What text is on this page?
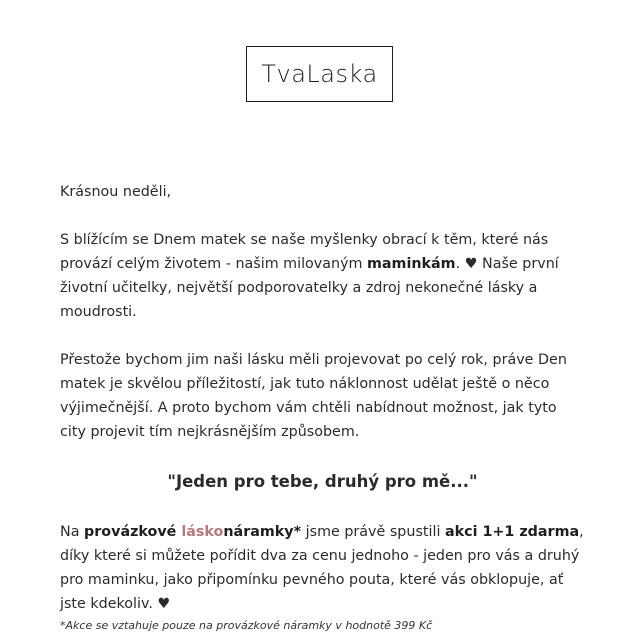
TvaLaska

Krásnou neděli,

S blížícím se Dnem matek se naše myšlenky obrací k těm, které nás provází celým životem - našim milovaným maminkám. ♥ Naše první životní učitelky, největší podporovatelky a zdroj nekonečné lásky a moudrosti.

Přestože bychom jim naši lásku měli projevovat po celý rok, práve Den matek je skvělou příležitostí, jak tuto náklonnost udělat ještě o něco výjimečnější. A proto bychom vám chtěli nabídnout možnost, jak tyto city projevit tím nejkrásnějším způsobem.

"Jeden pro tebe, druhý pro mě..."

Na provázkové láskonáramky* jsme právě spustili akci 1+1 zdarma, díky které si můžete pořídit dva za cenu jednoho - jeden pro vás a druhý pro maminku, jako připomínku pevného pouta, které vás obklopuje, ať jste kdekoliv. ♥

*Akce se vztahuje pouze na provázkové náramky v hodnotě 399 Kč
